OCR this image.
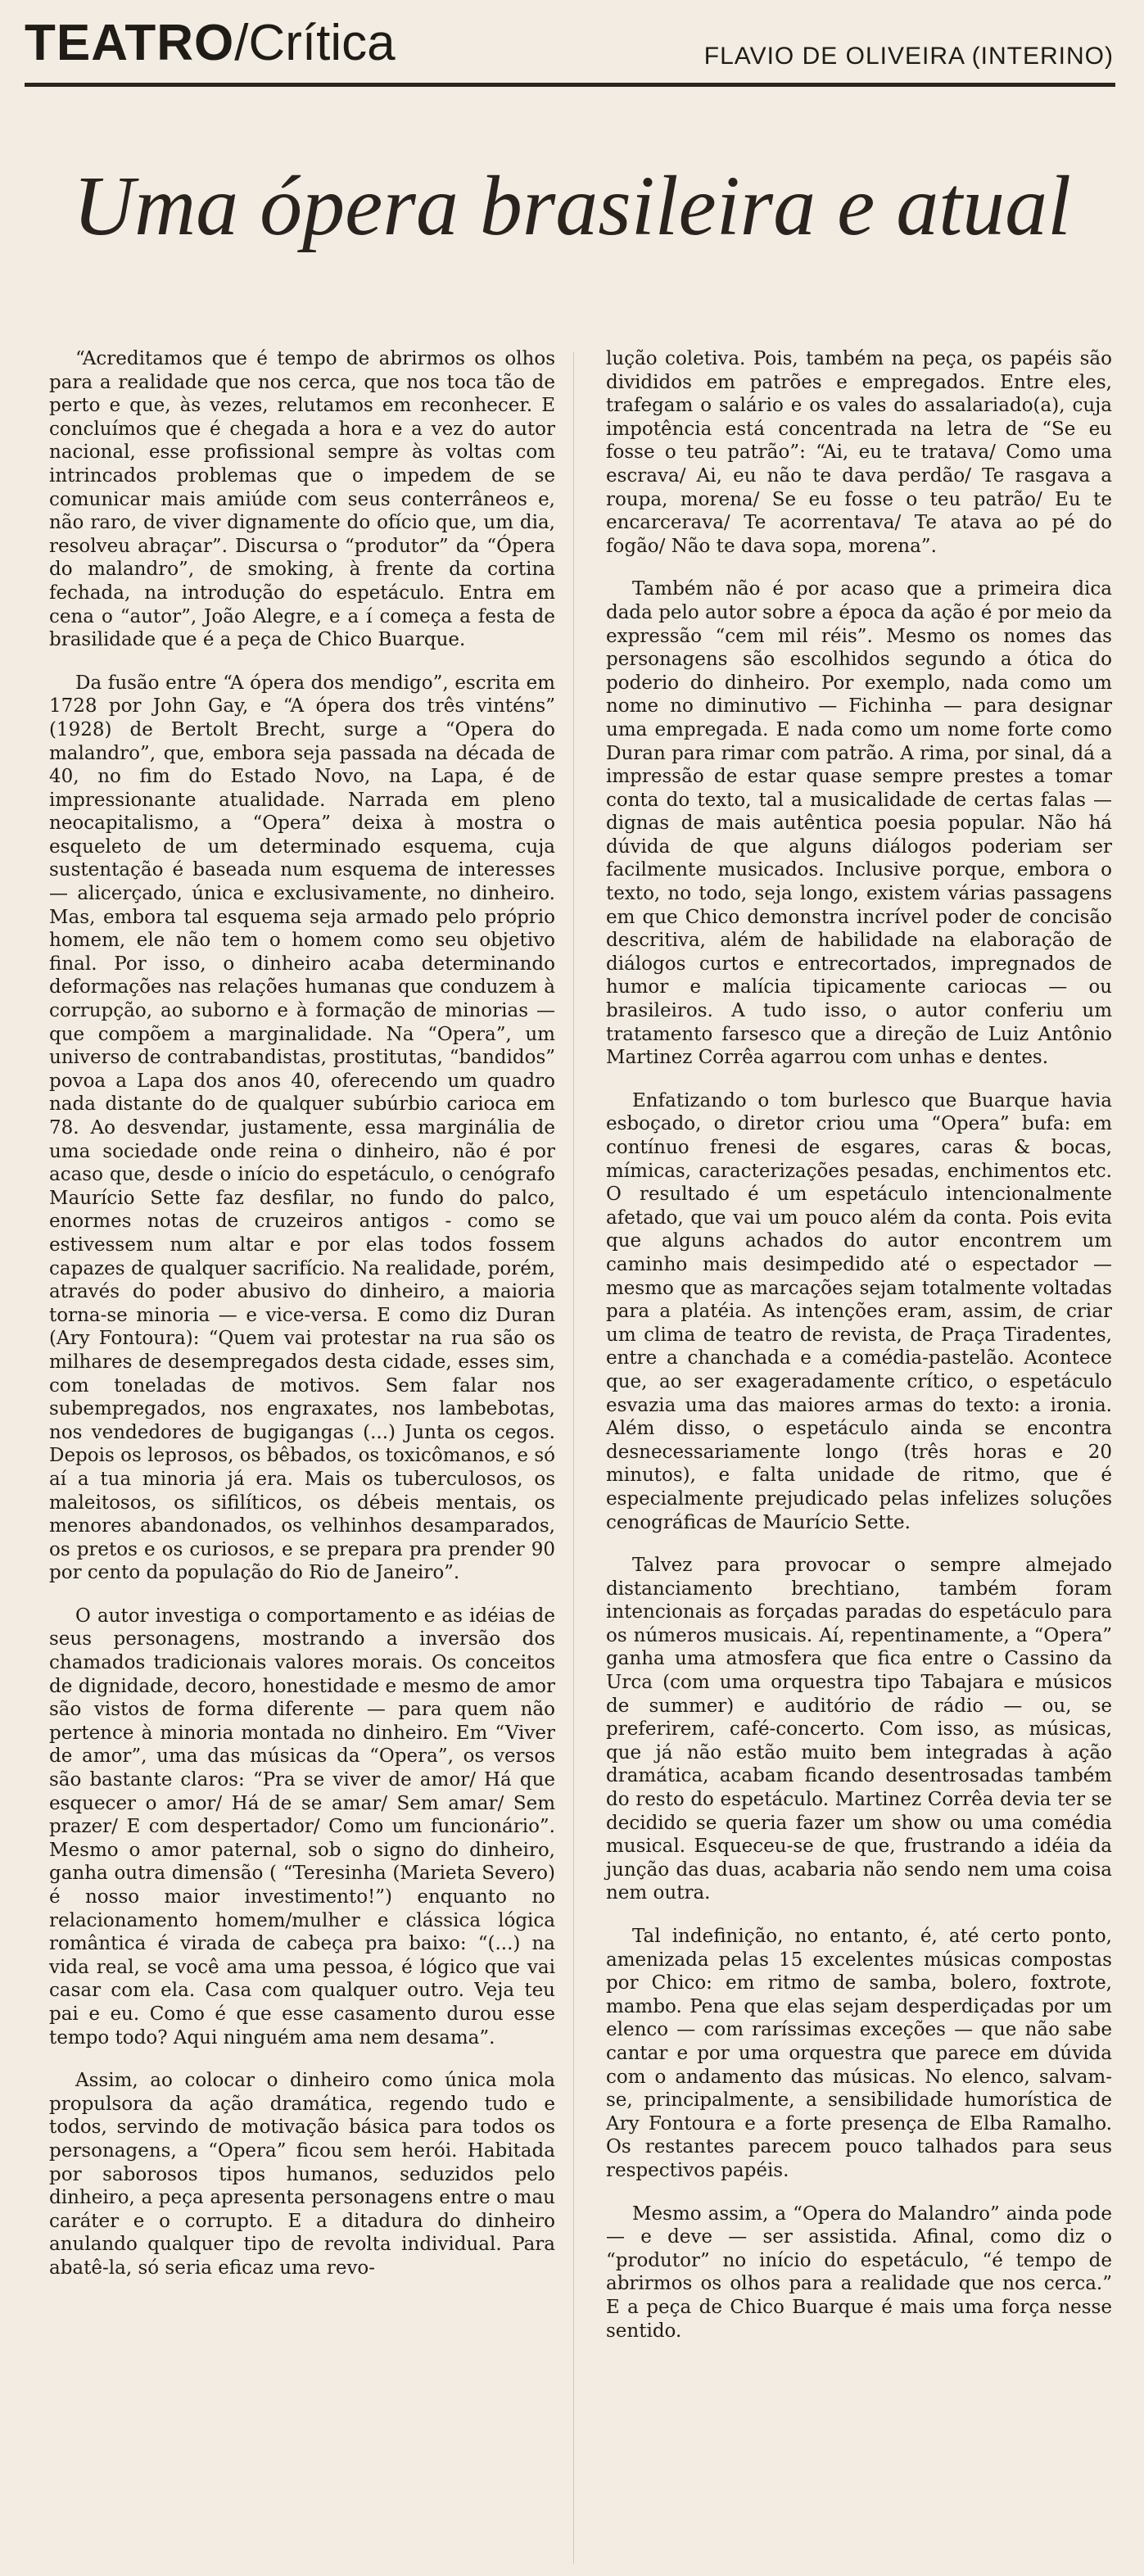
TEATRO/Crítica	FLAVIO DE OLIVEIRA (INTERINO)
Uma ópera brasileira e atual

“Acreditamos que é tempo de abrirmos os olhos para a realidade que nos cerca, que nos toca tão de perto e que, às vezes, relutamos em reconhecer. E concluímos que é chegada a hora e a vez do autor nacional, esse profissional sempre às voltas com intrincados problemas que o impedem de se comunicar mais amiúde com seus conterrâneos e, não raro, de viver dignamente do ofício que, um dia, resolveu abraçar”. Discursa o “produtor” da “Ópera do malandro”, de smoking, à frente da cortina fechada, na introdução do espetáculo. Entra em cena o “autor”, João Alegre, e a í começa a festa de brasilidade que é a peça de Chico Buarque.

Da fusão entre “A ópera dos mendigo”, escrita em 1728 por John Gay, e “A ópera dos três vinténs” (1928) de Bertolt Brecht, surge a “Opera do malandro”, que, embora seja passada na década de 40, no fim do Estado Novo, na Lapa, é de impressionante atualidade. Narrada em pleno neocapitalismo, a “Opera” deixa à mostra o esqueleto de um determinado esquema, cuja sustentação é baseada num esquema de interesses — alicerçado, única e exclusivamente, no dinheiro. Mas, embora tal esquema seja armado pelo próprio homem, ele não tem o homem como seu objetivo final. Por isso, o dinheiro acaba determinando deformações nas relações humanas que conduzem à corrupção, ao suborno e à formação de minorias — que compõem a marginalidade. Na “Opera”, um universo de contrabandistas, prostitutas, “bandidos” povoa a Lapa dos anos 40, oferecendo um quadro nada distante do de qualquer subúrbio carioca em 78. Ao desvendar, justamente, essa marginália de uma sociedade onde reina o dinheiro, não é por acaso que, desde o início do espetáculo, o cenógrafo Maurício Sette faz desfilar, no fundo do palco, enormes notas de cruzeiros antigos - como se estivessem num altar e por elas todos fossem capazes de qualquer sacrifício. Na realidade, porém, através do poder abusivo do dinheiro, a maioria torna-se minoria — e vice-versa. E como diz Duran (Ary Fontoura): “Quem vai protestar na rua são os milhares de desempregados desta cidade, esses sim, com toneladas de motivos. Sem falar nos subempregados, nos engraxates, nos lambebotas, nos vendedores de bugigangas (...) Junta os cegos. Depois os leprosos, os bêbados, os toxicômanos, e só aí a tua minoria já era. Mais os tuberculosos, os maleitosos, os sifilíticos, os débeis mentais, os menores abandonados, os velhinhos desamparados, os pretos e os curiosos, e se prepara pra prender 90 por cento da população do Rio de Janeiro”.

O autor investiga o comportamento e as idéias de seus personagens, mostrando a inversão dos chamados tradicionais valores morais. Os conceitos de dignidade, decoro, honestidade e mesmo de amor são vistos de forma diferente — para quem não pertence à minoria montada no dinheiro. Em “Viver de amor”, uma das músicas da “Opera”, os versos são bastante claros: “Pra se viver de amor/ Há que esquecer o amor/ Há de se amar/ Sem amar/ Sem prazer/ E com despertador/ Como um funcionário”. Mesmo o amor paternal, sob o signo do dinheiro, ganha outra dimensão ( “Teresinha (Marieta Severo) é nosso maior investimento!”) enquanto no relacionamento homem/mulher e clássica lógica romântica é virada de cabeça pra baixo: “(...) na vida real, se você ama uma pessoa, é lógico que vai casar com ela. Casa com qualquer outro. Veja teu pai e eu. Como é que esse casamento durou esse tempo todo? Aqui ninguém ama nem desama”.

Assim, ao colocar o dinheiro como única mola propulsora da ação dramática, regendo tudo e todos, servindo de motivação básica para todos os personagens, a “Opera” ficou sem herói. Habitada por saborosos tipos humanos, seduzidos pelo dinheiro, a peça apresenta personagens entre o mau caráter e o corrupto. E a ditadura do dinheiro anulando qualquer tipo de revolta individual. Para abatê-la, só seria eficaz uma revo-

lução coletiva. Pois, também na peça, os papéis são divididos em patrões e empregados. Entre eles, trafegam o salário e os vales do assalariado(a), cuja impotência está concentrada na letra de “Se eu fosse o teu patrão”: “Ai, eu te tratava/ Como uma escrava/ Ai, eu não te dava perdão/ Te rasgava a roupa, morena/ Se eu fosse o teu patrão/ Eu te encarcerava/ Te acorrentava/ Te atava ao pé do fogão/ Não te dava sopa, morena”.

Também não é por acaso que a primeira dica dada pelo autor sobre a época da ação é por meio da expressão “cem mil réis”. Mesmo os nomes das personagens são escolhidos segundo a ótica do poderio do dinheiro. Por exemplo, nada como um nome no diminutivo — Fichinha — para designar uma empregada. E nada como um nome forte como Duran para rimar com patrão. A rima, por sinal, dá a impressão de estar quase sempre prestes a tomar conta do texto, tal a musicalidade de certas falas — dignas de mais autêntica poesia popular. Não há dúvida de que alguns diálogos poderiam ser facilmente musicados. Inclusive porque, embora o texto, no todo, seja longo, existem várias passagens em que Chico demonstra incrível poder de concisão descritiva, além de habilidade na elaboração de diálogos curtos e entrecortados, impregnados de humor e malícia tipicamente cariocas — ou brasileiros. A tudo isso, o autor conferiu um tratamento farsesco que a direção de Luiz Antônio Martinez Corrêa agarrou com unhas e dentes.

Enfatizando o tom burlesco que Buarque havia esboçado, o diretor criou uma “Opera” bufa: em contínuo frenesi de esgares, caras & bocas, mímicas, caracterizações pesadas, enchimentos etc. O resultado é um espetáculo intencionalmente afetado, que vai um pouco além da conta. Pois evita que alguns achados do autor encontrem um caminho mais desimpedido até o espectador — mesmo que as marcações sejam totalmente voltadas para a platéia. As intenções eram, assim, de criar um clima de teatro de revista, de Praça Tiradentes, entre a chanchada e a comédia-pastelão. Acontece que, ao ser exageradamente crítico, o espetáculo esvazia uma das maiores armas do texto: a ironia. Além disso, o espetáculo ainda se encontra desnecessariamente longo (três horas e 20 minutos), e falta unidade de ritmo, que é especialmente prejudicado pelas infelizes soluções cenográficas de Maurício Sette.

Talvez para provocar o sempre almejado distanciamento brechtiano, também foram intencionais as forçadas paradas do espetáculo para os números musicais. Aí, repentinamente, a “Opera” ganha uma atmosfera que fica entre o Cassino da Urca (com uma orquestra tipo Tabajara e músicos de summer) e auditório de rádio — ou, se preferirem, café-concerto. Com isso, as músicas, que já não estão muito bem integradas à ação dramática, acabam ficando desentrosadas também do resto do espetáculo. Martinez Corrêa devia ter se decidido se queria fazer um show ou uma comédia musical. Esqueceu-se de que, frustrando a idéia da junção das duas, acabaria não sendo nem uma coisa nem outra.

Tal indefinição, no entanto, é, até certo ponto, amenizada pelas 15 excelentes músicas compostas por Chico: em ritmo de samba, bolero, foxtrote, mambo. Pena que elas sejam desperdiçadas por um elenco — com raríssimas exceções — que não sabe cantar e por uma orquestra que parece em dúvida com o andamento das músicas. No elenco, salvam-se, principalmente, a sensibilidade humorística de Ary Fontoura e a forte presença de Elba Ramalho. Os restantes parecem pouco talhados para seus respectivos papéis.

Mesmo assim, a “Opera do Malandro” ainda pode — e deve — ser assistida. Afinal, como diz o “produtor” no início do espetáculo, “é tempo de abrirmos os olhos para a realidade que nos cerca.” E a peça de Chico Buarque é mais uma força nesse sentido.
